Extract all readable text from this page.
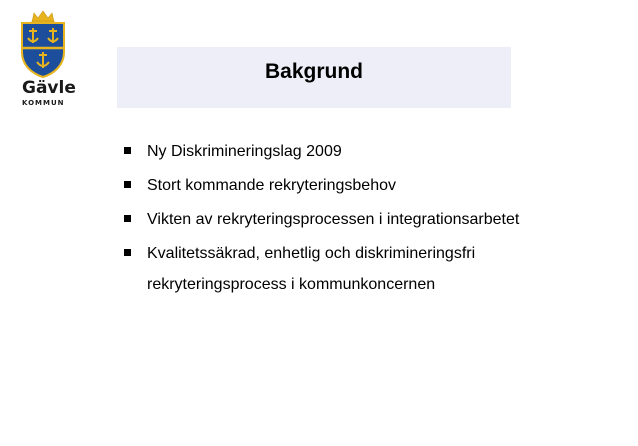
Gävle
KOMMUN
Bakgrund
Ny Diskrimineringslag 2009
Stort kommande rekryteringsbehov
Vikten av rekryteringsprocessen i integrationsarbetet
Kvalitetssäkrad, enhetlig och diskrimineringsfri rekryteringsprocess i kommunkoncernen
